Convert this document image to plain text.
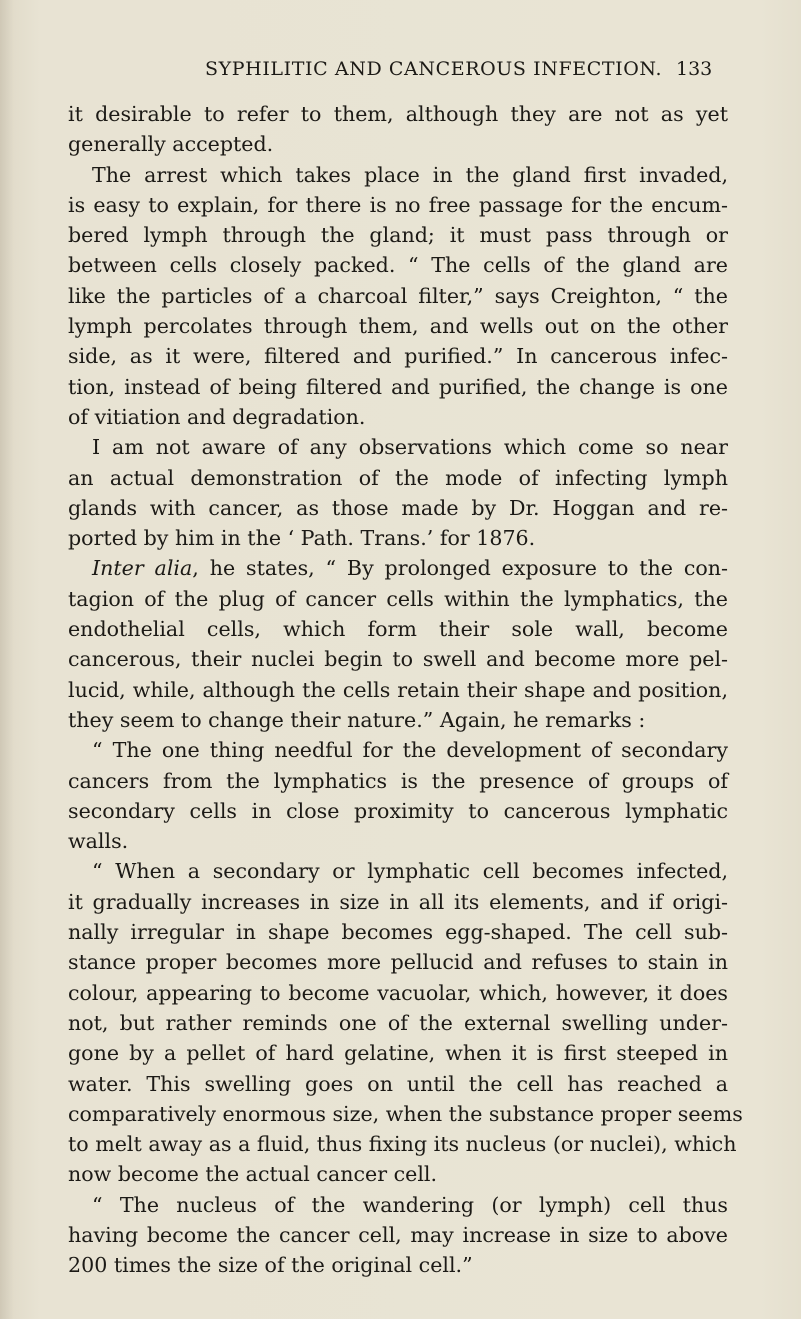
SYPHILITIC AND CANCEROUS INFECTION. 133
it desirable to refer to them, although they are not as yet
generally accepted.
The arrest which takes place in the gland first invaded,
is easy to explain, for there is no free passage for the encum-
bered lymph through the gland; it must pass through or
between cells closely packed. “ The cells of the gland are
like the particles of a charcoal filter,” says Creighton, “ the
lymph percolates through them, and wells out on the other
side, as it were, filtered and purified.” In cancerous infec-
tion, instead of being filtered and purified, the change is one
of vitiation and degradation.
I am not aware of any observations which come so near
an actual demonstration of the mode of infecting lymph
glands with cancer, as those made by Dr. Hoggan and re-
ported by him in the ‘ Path. Trans.’ for 1876.
Inter alia, he states, “ By prolonged exposure to the con-
tagion of the plug of cancer cells within the lymphatics, the
endothelial cells, which form their sole wall, become
cancerous, their nuclei begin to swell and become more pel-
lucid, while, although the cells retain their shape and position,
they seem to change their nature.” Again, he remarks :
“ The one thing needful for the development of secondary
cancers from the lymphatics is the presence of groups of
secondary cells in close proximity to cancerous lymphatic
walls.
“ When a secondary or lymphatic cell becomes infected,
it gradually increases in size in all its elements, and if origi-
nally irregular in shape becomes egg-shaped. The cell sub-
stance proper becomes more pellucid and refuses to stain in
colour, appearing to become vacuolar, which, however, it does
not, but rather reminds one of the external swelling under-
gone by a pellet of hard gelatine, when it is first steeped in
water. This swelling goes on until the cell has reached a
comparatively enormous size, when the substance proper seems
to melt away as a fluid, thus fixing its nucleus (or nuclei), which
now become the actual cancer cell.
“ The nucleus of the wandering (or lymph) cell thus
having become the cancer cell, may increase in size to above
200 times the size of the original cell.”
